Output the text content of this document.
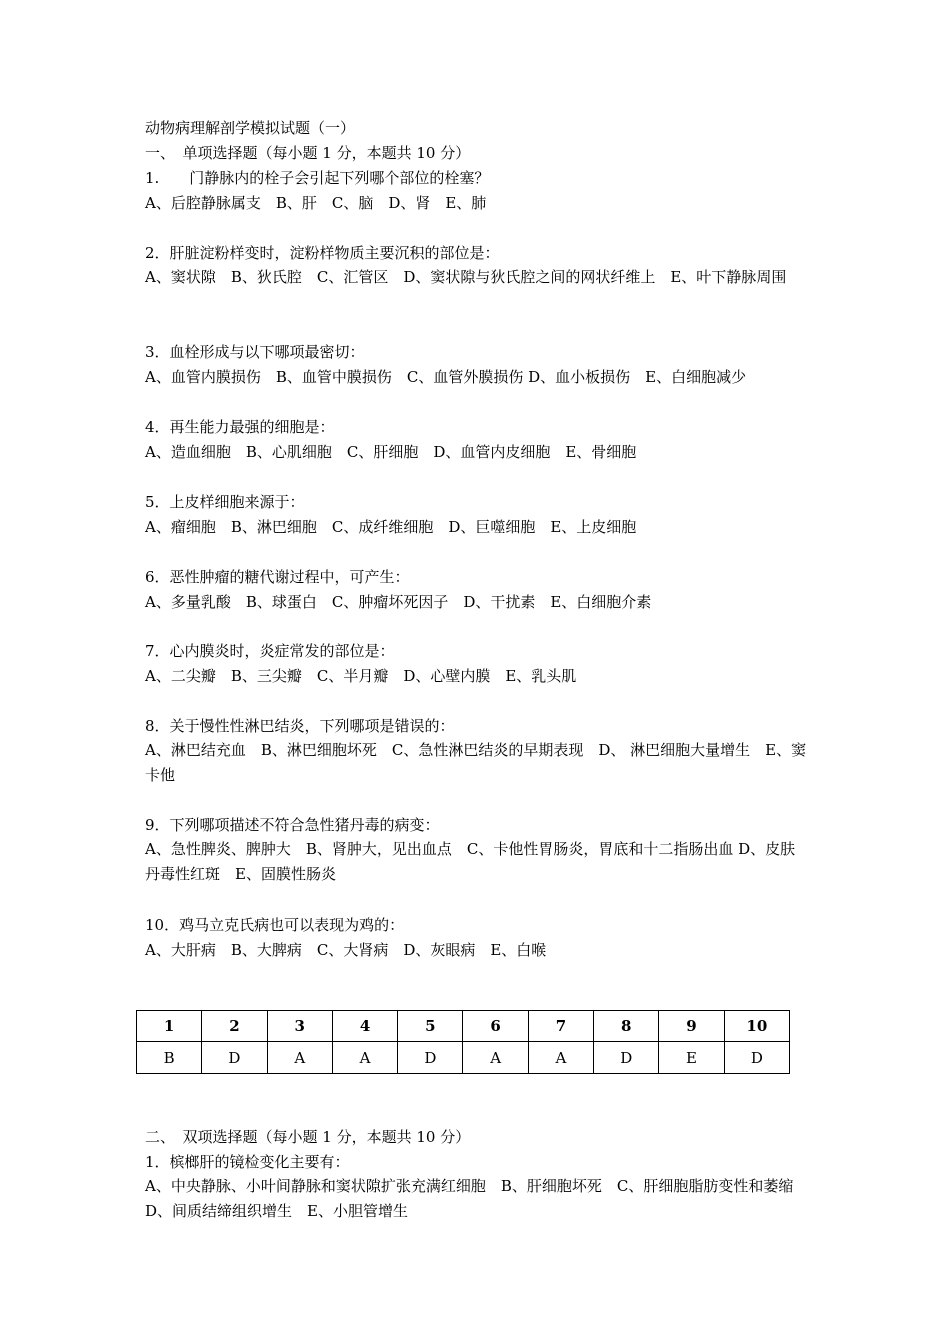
动物病理解剖学模拟试题（一）
一、　单项选择题（每小题 1 分，本题共 10 分）
1.　　门静脉内的栓子会引起下列哪个部位的栓塞？
A、后腔静脉属支　B、肝　C、脑　D、肾　E、肺
2．肝脏淀粉样变时，淀粉样物质主要沉积的部位是：
A、窦状隙　B、狄氏腔　C、汇管区　D、窦状隙与狄氏腔之间的网状纤维上　E、叶下静脉周围
3．血栓形成与以下哪项最密切：
A、血管内膜损伤　B、血管中膜损伤　C、血管外膜损伤 D、血小板损伤　E、白细胞减少
4．再生能力最强的细胞是：
A、造血细胞　B、心肌细胞　C、肝细胞　D、血管内皮细胞　E、骨细胞
5．上皮样细胞来源于：
A、瘤细胞　B、淋巴细胞　C、成纤维细胞　D、巨噬细胞　E、上皮细胞
6．恶性肿瘤的糖代谢过程中，可产生：
A、多量乳酸　B、球蛋白　C、肿瘤坏死因子　D、干扰素　E、白细胞介素
7．心内膜炎时，炎症常发的部位是：
A、二尖瓣　B、三尖瓣　C、半月瓣　D、心壁内膜　E、乳头肌
8．关于慢性性淋巴结炎，下列哪项是错误的：
A、淋巴结充血　B、淋巴细胞坏死　C、急性淋巴结炎的早期表现　D、 淋巴细胞大量增生　E、窦卡他
9．下列哪项描述不符合急性猪丹毒的病变：
A、急性脾炎、脾肿大　B、肾肿大，见出血点　C、卡他性胃肠炎，胃底和十二指肠出血 D、皮肤丹毒性红斑　E、固膜性肠炎
10．鸡马立克氏病也可以表现为鸡的：
A、大肝病　B、大脾病　C、大肾病　D、灰眼病　E、白喉
1	2	3	4	5	6	7	8	9	10
B	D	A	A	D	A	A	D	E	D
二、　双项选择题（每小题 1 分，本题共 10 分）
1．槟榔肝的镜检变化主要有：
A、中央静脉、小叶间静脉和窦状隙扩张充满红细胞　B、肝细胞坏死　C、肝细胞脂肪变性和萎缩　D、间质结缔组织增生　E、小胆管增生
